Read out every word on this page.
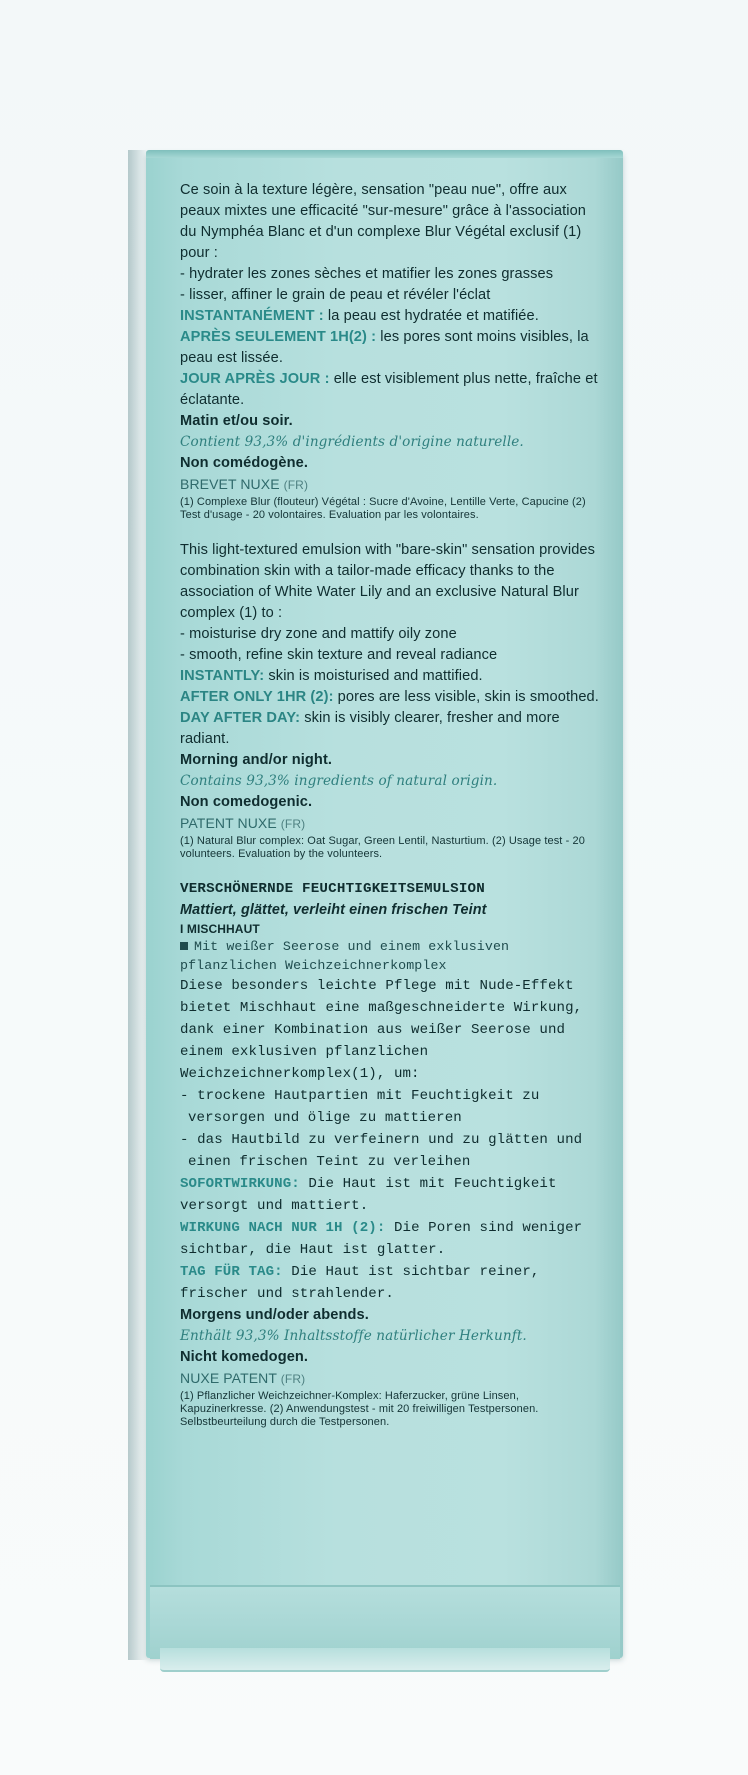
Ce soin à la texture légère, sensation "peau nue", offre aux peaux mixtes une efficacité "sur-mesure" grâce à l'association du Nymphéa Blanc et d'un complexe Blur Végétal exclusif (1) pour :

- hydrater les zones sèches et matifier les zones grasses

- lisser, affiner le grain de peau et révéler l'éclat

INSTANTANÉMENT : la peau est hydratée et matifiée.

APRÈS SEULEMENT 1H(2) : les pores sont moins visibles, la peau est lissée.

JOUR APRÈS JOUR : elle est visiblement plus nette, fraîche et éclatante.

Matin et/ou soir.

Contient 93,3% d'ingrédients d'origine naturelle.

Non comédogène.

BREVET NUXE (FR)

(1) Complexe Blur (flouteur) Végétal : Sucre d'Avoine, Lentille Verte, Capucine (2) Test d'usage - 20 volontaires. Evaluation par les volontaires.

This light-textured emulsion with "bare-skin" sensation provides combination skin with a tailor-made efficacy thanks to the association of White Water Lily and an exclusive Natural Blur complex (1) to :

- moisturise dry zone and mattify oily zone

- smooth, refine skin texture and reveal radiance

INSTANTLY: skin is moisturised and mattified.

AFTER ONLY 1HR (2): pores are less visible, skin is smoothed.

DAY AFTER DAY: skin is visibly clearer, fresher and more radiant.

Morning and/or night.

Contains 93,3% ingredients of natural origin.

Non comedogenic.

PATENT NUXE (FR)

(1) Natural Blur complex: Oat Sugar, Green Lentil, Nasturtium. (2) Usage test - 20 volunteers. Evaluation by the volunteers.

VERSCHÖNERNDE FEUCHTIGKEITSEMULSION

Mattiert, glättet, verleiht einen frischen Teint

I MISCHHAUT

Mit weißer Seerose und einem exklusiven pflanzlichen Weichzeichnerkomplex

Diese besonders leichte Pflege mit Nude-Effekt bietet Mischhaut eine maßgeschneiderte Wirkung, dank einer Kombination aus weißer Seerose und einem exklusiven pflanzlichen Weichzeichnerkomplex(1), um:

- trockene Hautpartien mit Feuchtigkeit zu versorgen und ölige zu mattieren

- das Hautbild zu verfeinern und zu glätten und einen frischen Teint zu verleihen

SOFORTWIRKUNG: Die Haut ist mit Feuchtigkeit versorgt und mattiert.

WIRKUNG NACH NUR 1H (2): Die Poren sind weniger sichtbar, die Haut ist glatter.

TAG FÜR TAG: Die Haut ist sichtbar reiner, frischer und strahlender.

Morgens und/oder abends.

Enthält 93,3% Inhaltsstoffe natürlicher Herkunft.

Nicht komedogen.

NUXE PATENT (FR)

(1) Pflanzlicher Weichzeichner-Komplex: Haferzucker, grüne Linsen, Kapuzinerkresse. (2) Anwendungstest - mit 20 freiwilligen Testpersonen. Selbstbeurteilung durch die Testpersonen.
